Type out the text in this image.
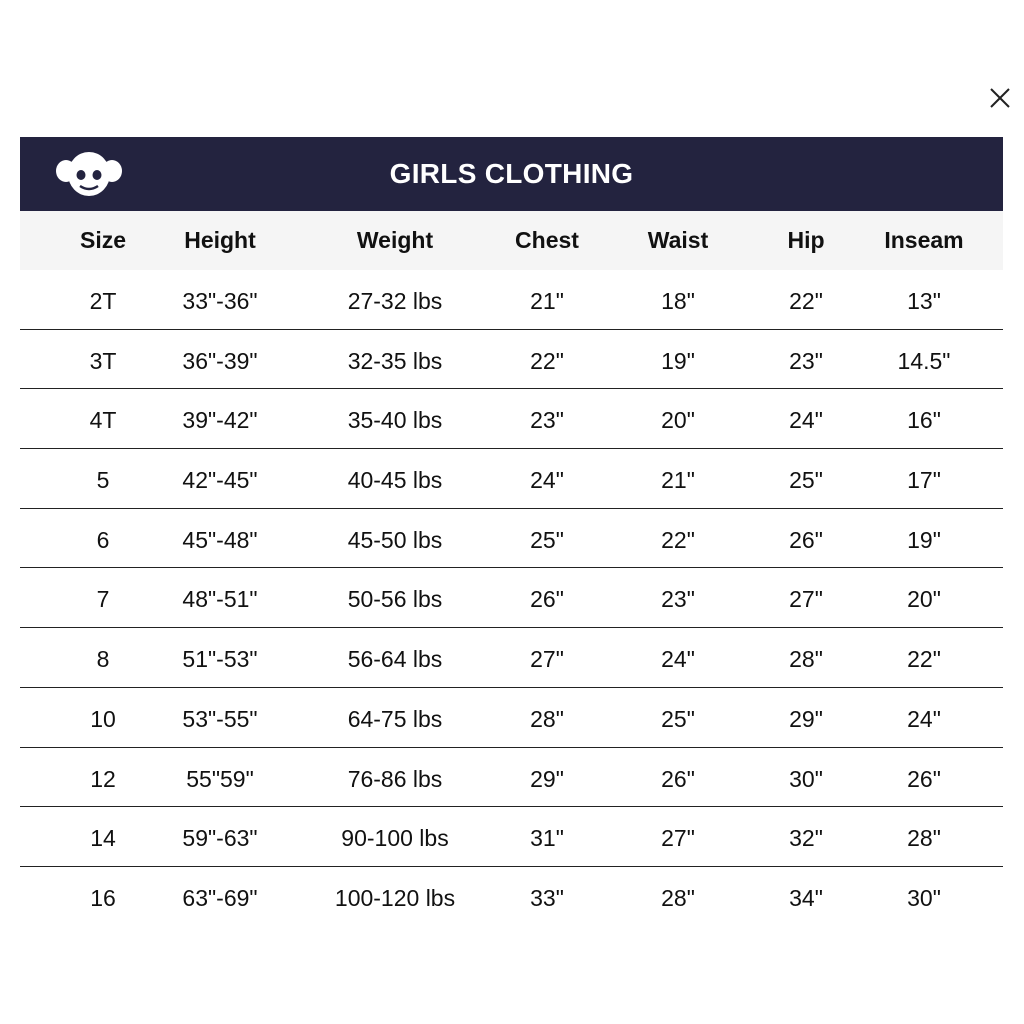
GIRLS CLOTHING
Size	Height	Weight	Chest	Waist	Hip	Inseam
2T	33"-36"	27-32 lbs	21"	18"	22"	13"
3T	36"-39"	32-35 lbs	22"	19"	23"	14.5"
4T	39"-42"	35-40 lbs	23"	20"	24"	16"
5	42"-45"	40-45 lbs	24"	21"	25"	17"
6	45"-48"	45-50 lbs	25"	22"	26"	19"
7	48"-51"	50-56 lbs	26"	23"	27"	20"
8	51"-53"	56-64 lbs	27"	24"	28"	22"
10	53"-55"	64-75 lbs	28"	25"	29"	24"
12	55"59"	76-86 lbs	29"	26"	30"	26"
14	59"-63"	90-100 lbs	31"	27"	32"	28"
16	63"-69"	100-120 lbs	33"	28"	34"	30"
